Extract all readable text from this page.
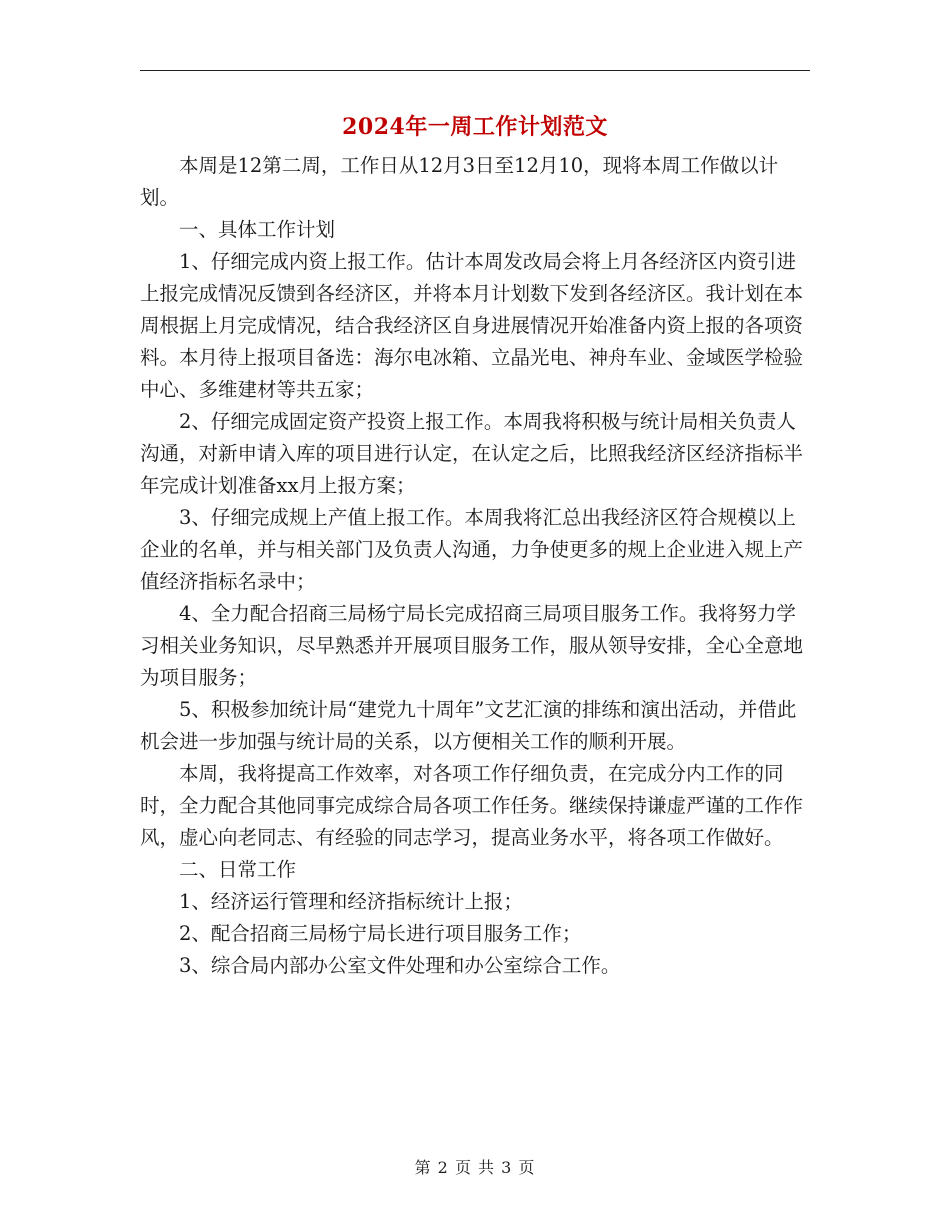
2024年一周工作计划范文

本周是12第二周，工作日从12月3日至12月10，现将本周工作做以计划。

一、具体工作计划

1、仔细完成内资上报工作。估计本周发改局会将上月各经济区内资引进上报完成情况反馈到各经济区，并将本月计划数下发到各经济区。我计划在本周根据上月完成情况，结合我经济区自身进展情况开始准备内资上报的各项资料。本月待上报项目备选：海尔电冰箱、立晶光电、神舟车业、金域医学检验中心、多维建材等共五家；

2、仔细完成固定资产投资上报工作。本周我将积极与统计局相关负责人沟通，对新申请入库的项目进行认定，在认定之后，比照我经济区经济指标半年完成计划准备xx月上报方案；

3、仔细完成规上产值上报工作。本周我将汇总出我经济区符合规模以上企业的名单，并与相关部门及负责人沟通，力争使更多的规上企业进入规上产值经济指标名录中；

4、全力配合招商三局杨宁局长完成招商三局项目服务工作。我将努力学习相关业务知识，尽早熟悉并开展项目服务工作，服从领导安排，全心全意地为项目服务；

5、积极参加统计局“建党九十周年”文艺汇演的排练和演出活动，并借此机会进一步加强与统计局的关系，以方便相关工作的顺利开展。

本周，我将提高工作效率，对各项工作仔细负责，在完成分内工作的同时，全力配合其他同事完成综合局各项工作任务。继续保持谦虚严谨的工作作风，虚心向老同志、有经验的同志学习，提高业务水平，将各项工作做好。

二、日常工作

1、经济运行管理和经济指标统计上报；

2、配合招商三局杨宁局长进行项目服务工作；

3、综合局内部办公室文件处理和办公室综合工作。

第 2 页 共 3 页
